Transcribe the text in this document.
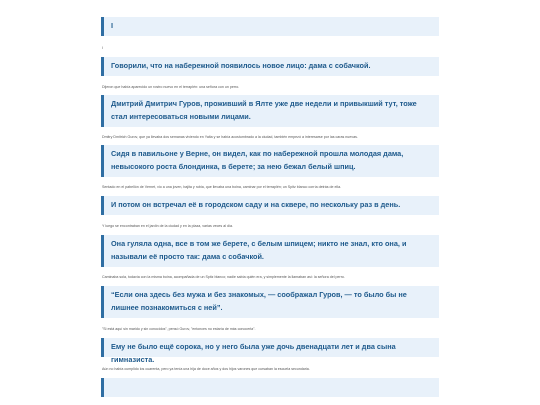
I
I
Говорили, что на набережной появилось новое лицо: дама с собачкой.
Dijeron que había aparecido un rostro nuevo en el terraplén: una señora con un perro.
Дмитрий Дмитрич Гуров, проживший в Ялте уже две недели и привыкший тут, тоже стал интересоваться новыми лицами.
Dmitry Dmitrich Gurov, que ya llevaba dos semanas viviendo en Yalta y se había acostumbrado a la ciudad, también empezó a interesarse por las caras nuevas.
Сидя в павильоне у Верне, он видел, как по набережной прошла молодая дама, невысокого роста блондинка, в берете; за нею бежал белый шпиц.
Sentado en el pabellón de Vernet, vio a una joven, bajita y rubia, que llevaba una boina, caminar por el terraplén; un Spitz blanco corría detrás de ella.
И потом он встречал её в городском саду и на сквере, по нескольку раз в день.
Y luego se encontraban en el jardín de la ciudad y en la plaza, varias veces al día.
Она гуляла одна, все в том же берете, с белым шпицем; никто не знал, кто она, и называли её просто так: дама с собачкой.
Caminaba sola, todavía con la misma boina, acompañada de un Spitz blanco; nadie sabía quién era, y simplemente la llamaban así: la señora del perro.
“Если она здесь без мужа и без знакомых, — соображал Гуров, — то было бы не лишнее познакомиться с ней”.
"Si está aquí sin marido y sin conocidos", pensó Gurov, "entonces no estaría de más conocerla".
Ему не было ещё сорока, но у него была уже дочь двенадцати лет и два сына гимназиста.
Aún no había cumplido los cuarenta, pero ya tenía una hija de doce años y dos hijos varones que cursaban la escuela secundaria.
